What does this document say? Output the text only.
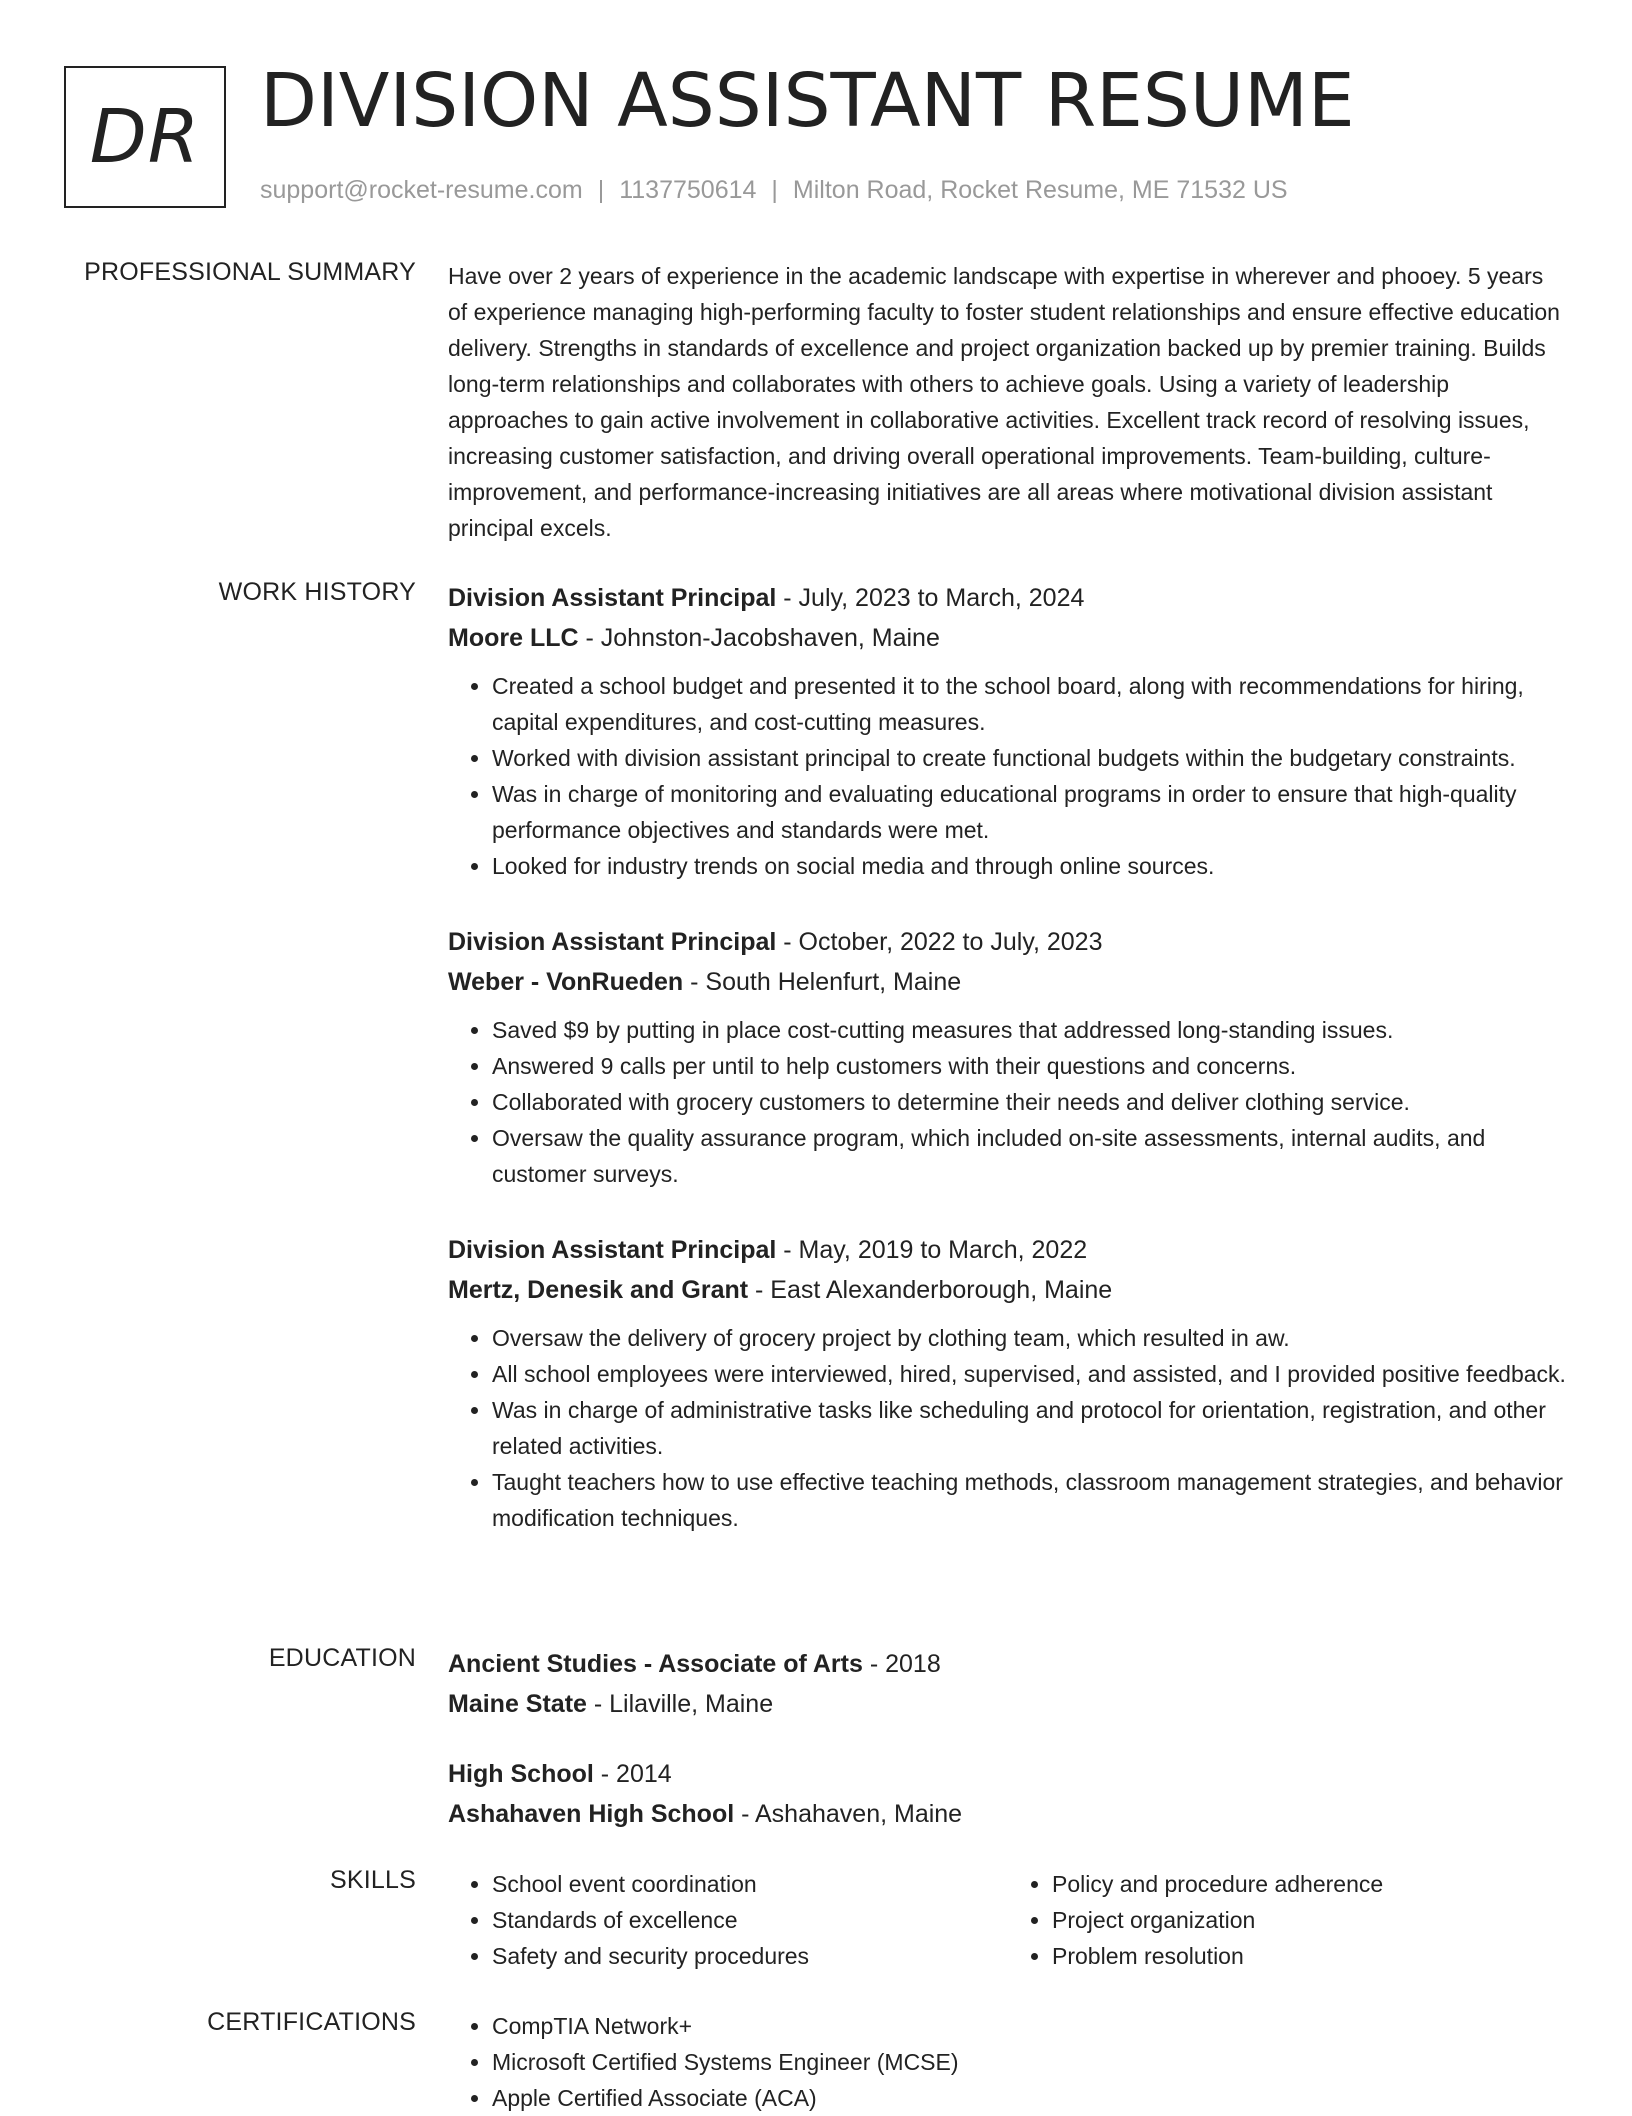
DR DIVISION ASSISTANT RESUME
support@rocket-resume.com | 1137750614 | Milton Road, Rocket Resume, ME 71532 US
PROFESSIONAL SUMMARY Have over 2 years of experience in the academic landscape with expertise in wherever and phooey. 5 years of experience managing high-performing faculty to foster student relationships and ensure effective education delivery. Strengths in standards of excellence and project organization backed up by premier training. Builds long-term relationships and collaborates with others to achieve goals. Using a variety of leadership approaches to gain active involvement in collaborative activities. Excellent track record of resolving issues, increasing customer satisfaction, and driving overall operational improvements. Team-building, culture-improvement, and performance-increasing initiatives are all areas where motivational division assistant principal excels.

WORK HISTORY Division Assistant Principal - July, 2023 to March, 2024

Moore LLC - Johnston-Jacobshaven, Maine

• Created a school budget and presented it to the school board, along with recommendations for hiring, capital expenditures, and cost-cutting measures.
• Worked with division assistant principal to create functional budgets within the budgetary constraints.
• Was in charge of monitoring and evaluating educational programs in order to ensure that high-quality performance objectives and standards were met.
• Looked for industry trends on social media and through online sources.

Division Assistant Principal - October, 2022 to July, 2023

Weber - VonRueden - South Helenfurt, Maine

• Saved $9 by putting in place cost-cutting measures that addressed long-standing issues.
• Answered 9 calls per until to help customers with their questions and concerns.
• Collaborated with grocery customers to determine their needs and deliver clothing service.
• Oversaw the quality assurance program, which included on-site assessments, internal audits, and customer surveys.

Division Assistant Principal - May, 2019 to March, 2022

Mertz, Denesik and Grant - East Alexanderborough, Maine

• Oversaw the delivery of grocery project by clothing team, which resulted in aw.
• All school employees were interviewed, hired, supervised, and assisted, and I provided positive feedback.
• Was in charge of administrative tasks like scheduling and protocol for orientation, registration, and other related activities.
• Taught teachers how to use effective teaching methods, classroom management strategies, and behavior modification techniques.
EDUCATION Ancient Studies - Associate of Arts - 2018

Maine State - Lilaville, Maine

High School - 2014

Ashahaven High School - Ashahaven, Maine

SKILLS	• School event coordination
• Standards of excellence
• Safety and security procedures
• Policy and procedure adherence
• Project organization
• Problem resolution
CERTIFICATIONS	• CompTIA Network+
• Microsoft Certified Systems Engineer (MCSE)
• Apple Certified Associate (ACA)
